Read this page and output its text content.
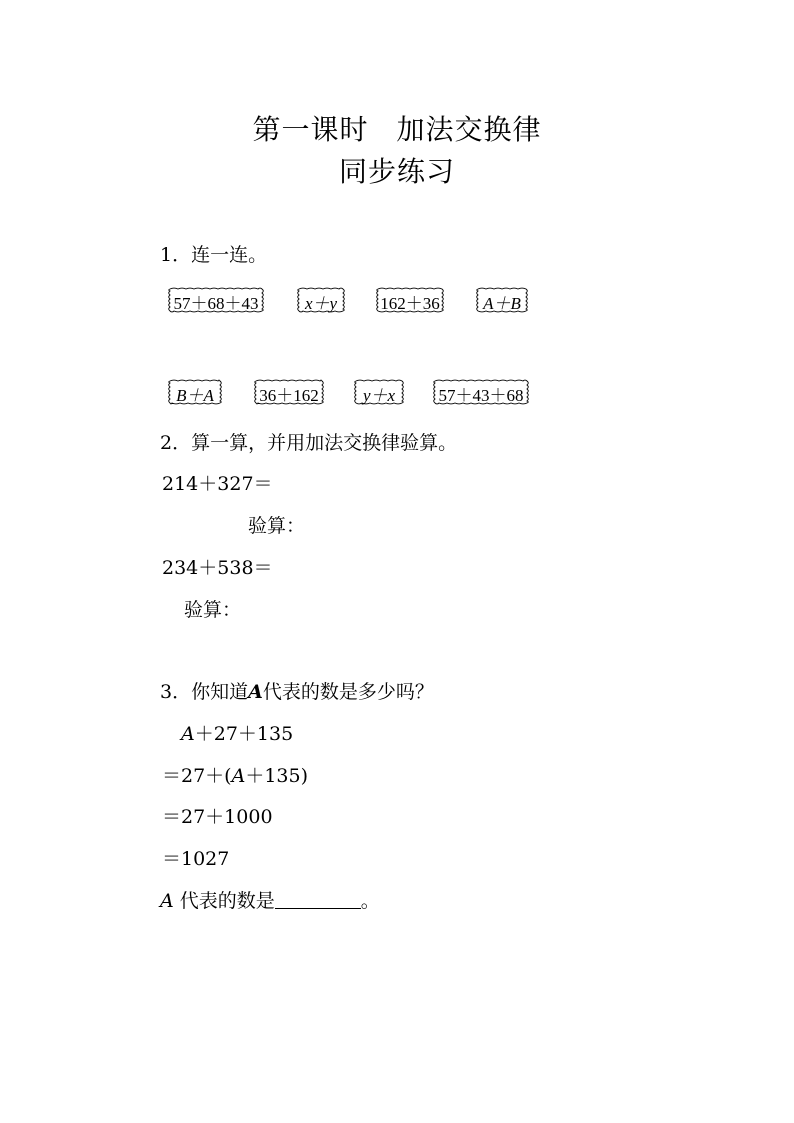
第一课时 加法交换律
同步练习
1．连一连。
57＋68＋43	x＋y	162＋36	A＋B
B＋A	36＋162	y＋x	57＋43＋68
2．算一算，并用加法交换律验算。
214＋327＝
验算：
234＋538＝
验算：
3．你知道A代表的数是多少吗？
A＋27＋135
＝27＋(A＋135)
＝27＋1000
＝1027
A 代表的数是	。
